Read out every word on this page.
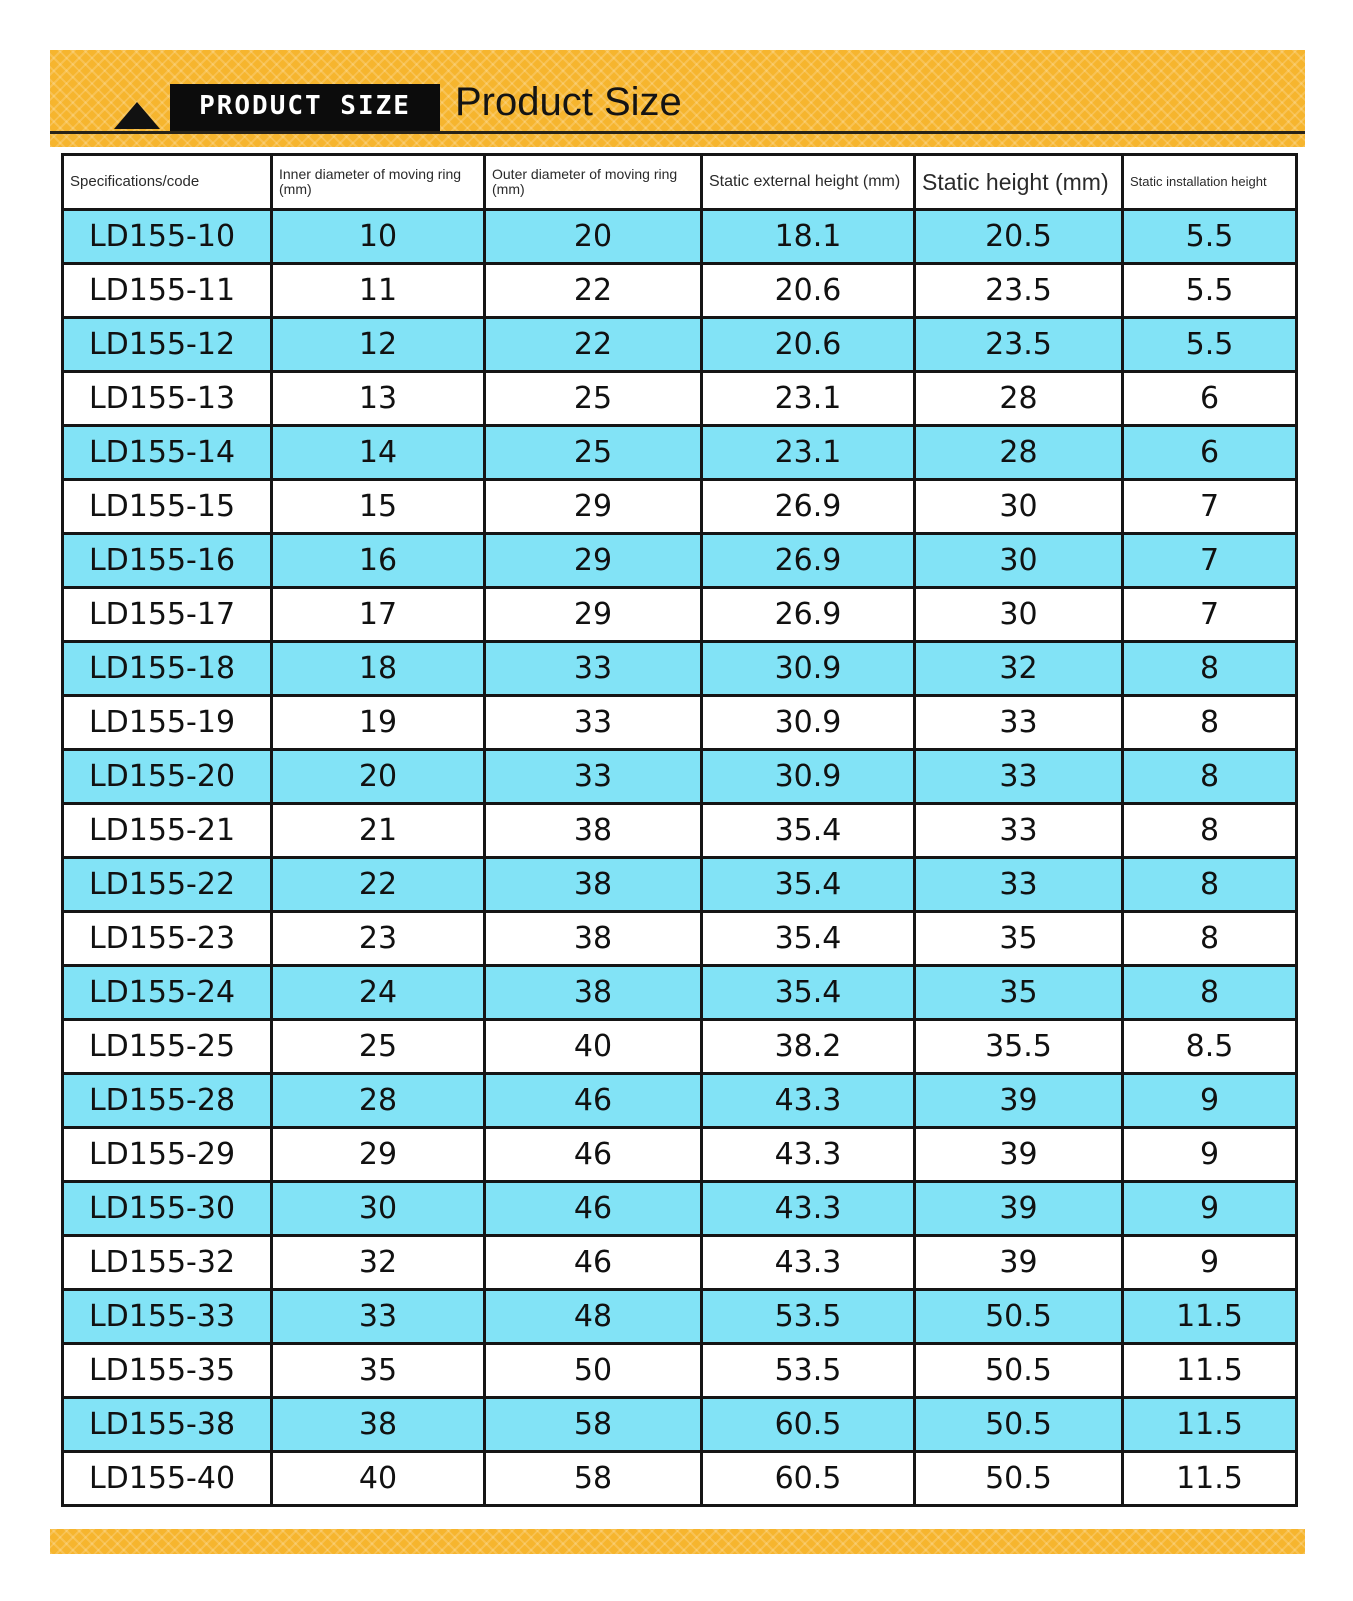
PRODUCT SIZE	Product Size
Specifications/code	Inner diameter of moving ring (mm)	Outer diameter of moving ring (mm)	Static external height (mm)	Static height (mm)	Static installation height
LD155-10	10	20	18.1	20.5	5.5
LD155-11	11	22	20.6	23.5	5.5
LD155-12	12	22	20.6	23.5	5.5
LD155-13	13	25	23.1	28	6
LD155-14	14	25	23.1	28	6
LD155-15	15	29	26.9	30	7
LD155-16	16	29	26.9	30	7
LD155-17	17	29	26.9	30	7
LD155-18	18	33	30.9	32	8
LD155-19	19	33	30.9	33	8
LD155-20	20	33	30.9	33	8
LD155-21	21	38	35.4	33	8
LD155-22	22	38	35.4	33	8
LD155-23	23	38	35.4	35	8
LD155-24	24	38	35.4	35	8
LD155-25	25	40	38.2	35.5	8.5
LD155-28	28	46	43.3	39	9
LD155-29	29	46	43.3	39	9
LD155-30	30	46	43.3	39	9
LD155-32	32	46	43.3	39	9
LD155-33	33	48	53.5	50.5	11.5
LD155-35	35	50	53.5	50.5	11.5
LD155-38	38	58	60.5	50.5	11.5
LD155-40	40	58	60.5	50.5	11.5
